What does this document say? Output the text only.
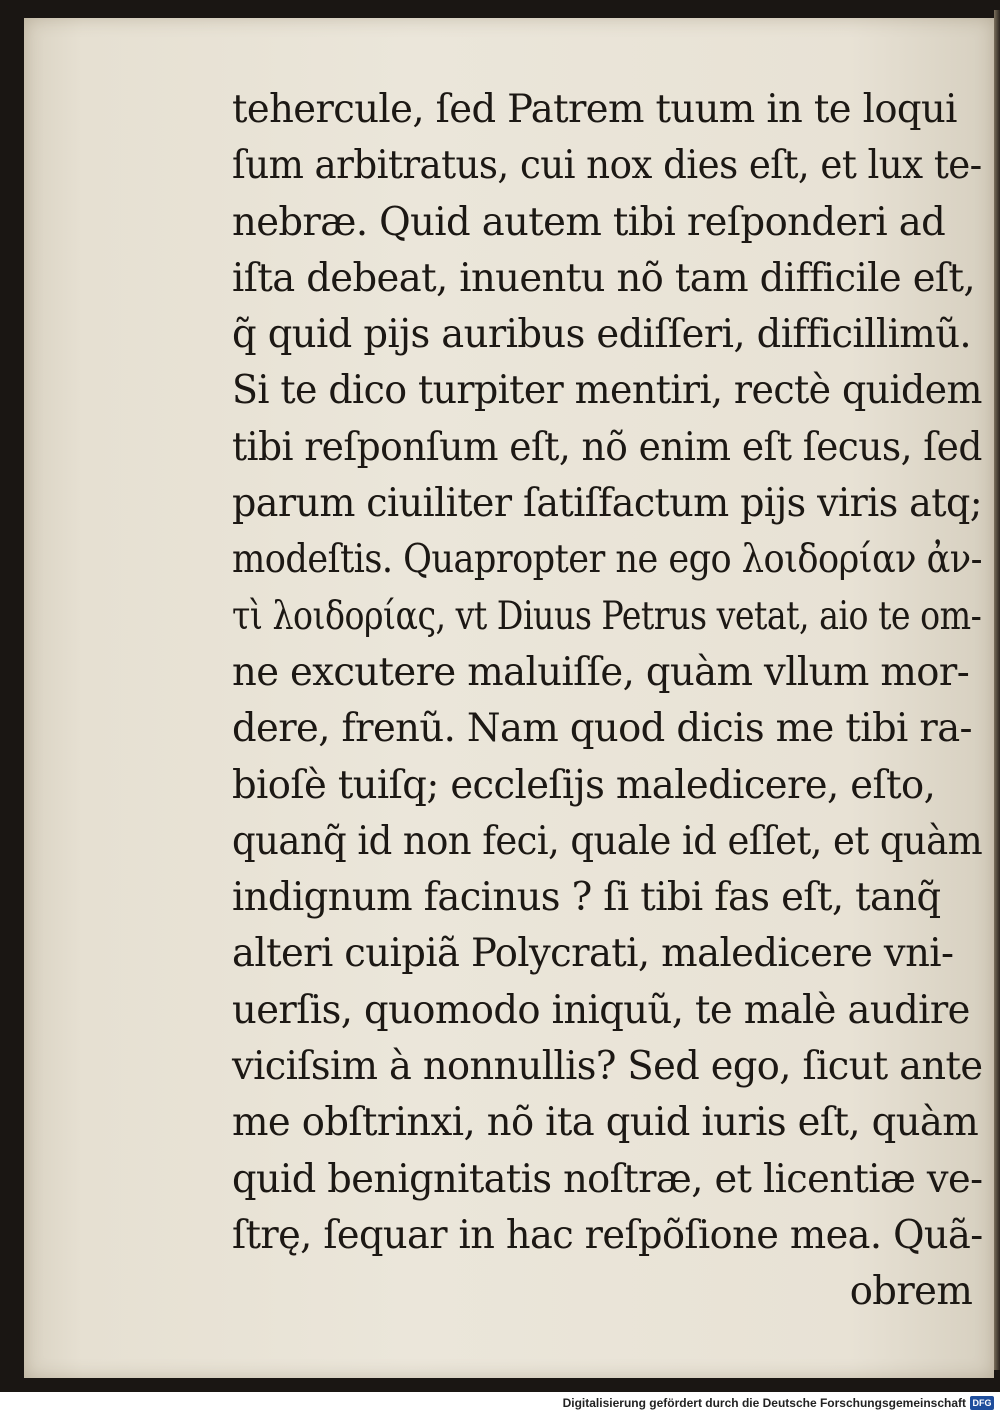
tehercule, ſed Patrem tuum in te loqui
ſum arbitratus, cui nox dies eſt, et lux te-
nebræ. Quid autem tibi reſponderi ad
iſta debeat, inuentu nõ tam difficile eſt,
q̃ quid pijs auribus ediſſeri, difficillimũ.
Si te dico turpiter mentiri, rectè quidem
tibi reſponſum eſt, nõ enim eſt ſecus, ſed
parum ciuiliter ſatiſfactum pijs viris atq;
modeſtis. Quapropter ne ego λοιδορίαν ἀν-
τὶ λοιδορίας, vt Diuus Petrus vetat, aio te om-
ne excutere maluiſſe, quàm vllum mor-
dere, frenũ. Nam quod dicis me tibi ra-
bioſè tuiſq; eccleſijs maledicere, eſto,
quanq̃ id non feci, quale id eſſet, et quàm
indignum facinus ? ſi tibi fas eſt, tanq̃
alteri cuipiã Polycrati, maledicere vni-
uerſis, quomodo iniquũ, te malè audire
viciſsim à nonnullis? Sed ego, ſicut ante
me obſtrinxi, nõ ita quid iuris eſt, quàm
quid benignitatis noſtræ, et licentiæ ve-
ſtrę, ſequar in hac reſpõſione mea. Quã-
obrem
Digitalisierung gefördert durch die Deutsche Forschungsgemeinschaft DFG
